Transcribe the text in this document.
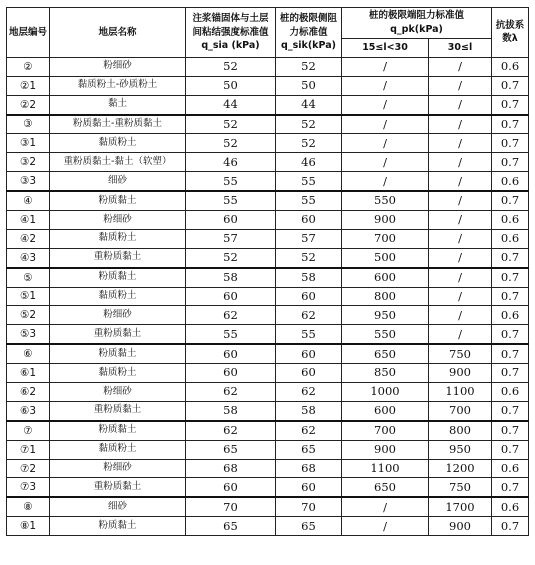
地层编号	地层名称	注浆锚固体与土层间粘结强度标准值 q_sia (kPa)	桩的极限侧阻力标准值 q_sik(kPa)	桩的极限端阻力标准值 q_pk(kPa)		抗拔系数λ
				15≤l<30	30≤l	
②	粉细砂	52	52	/	/	0.6
②1	黏质粉土-砂质粉土	50	50	/	/	0.7
②2	黏土	44	44	/	/	0.7
③	粉质黏土-重粉质黏土	52	52	/	/	0.7
③1	黏质粉土	52	52	/	/	0.7
③2	重粉质黏土-黏土（软塑）	46	46	/	/	0.7
③3	细砂	55	55	/	/	0.6
④	粉质黏土	55	55	550	/	0.7
④1	粉细砂	60	60	900	/	0.6
④2	黏质粉土	57	57	700	/	0.6
④3	重粉质黏土	52	52	500	/	0.7
⑤	粉质黏土	58	58	600	/	0.7
⑤1	黏质粉土	60	60	800	/	0.7
⑤2	粉细砂	62	62	950	/	0.6
⑤3	重粉质黏土	55	55	550	/	0.7
⑥	粉质黏土	60	60	650	750	0.7
⑥1	黏质粉土	60	60	850	900	0.7
⑥2	粉细砂	62	62	1000	1100	0.6
⑥3	重粉质黏土	58	58	600	700	0.7
⑦	粉质黏土	62	62	700	800	0.7
⑦1	黏质粉土	65	65	900	950	0.7
⑦2	粉细砂	68	68	1100	1200	0.6
⑦3	重粉质黏土	60	60	650	750	0.7
⑧	细砂	70	70	/	1700	0.6
⑧1	粉质黏土	65	65	/	900	0.7
